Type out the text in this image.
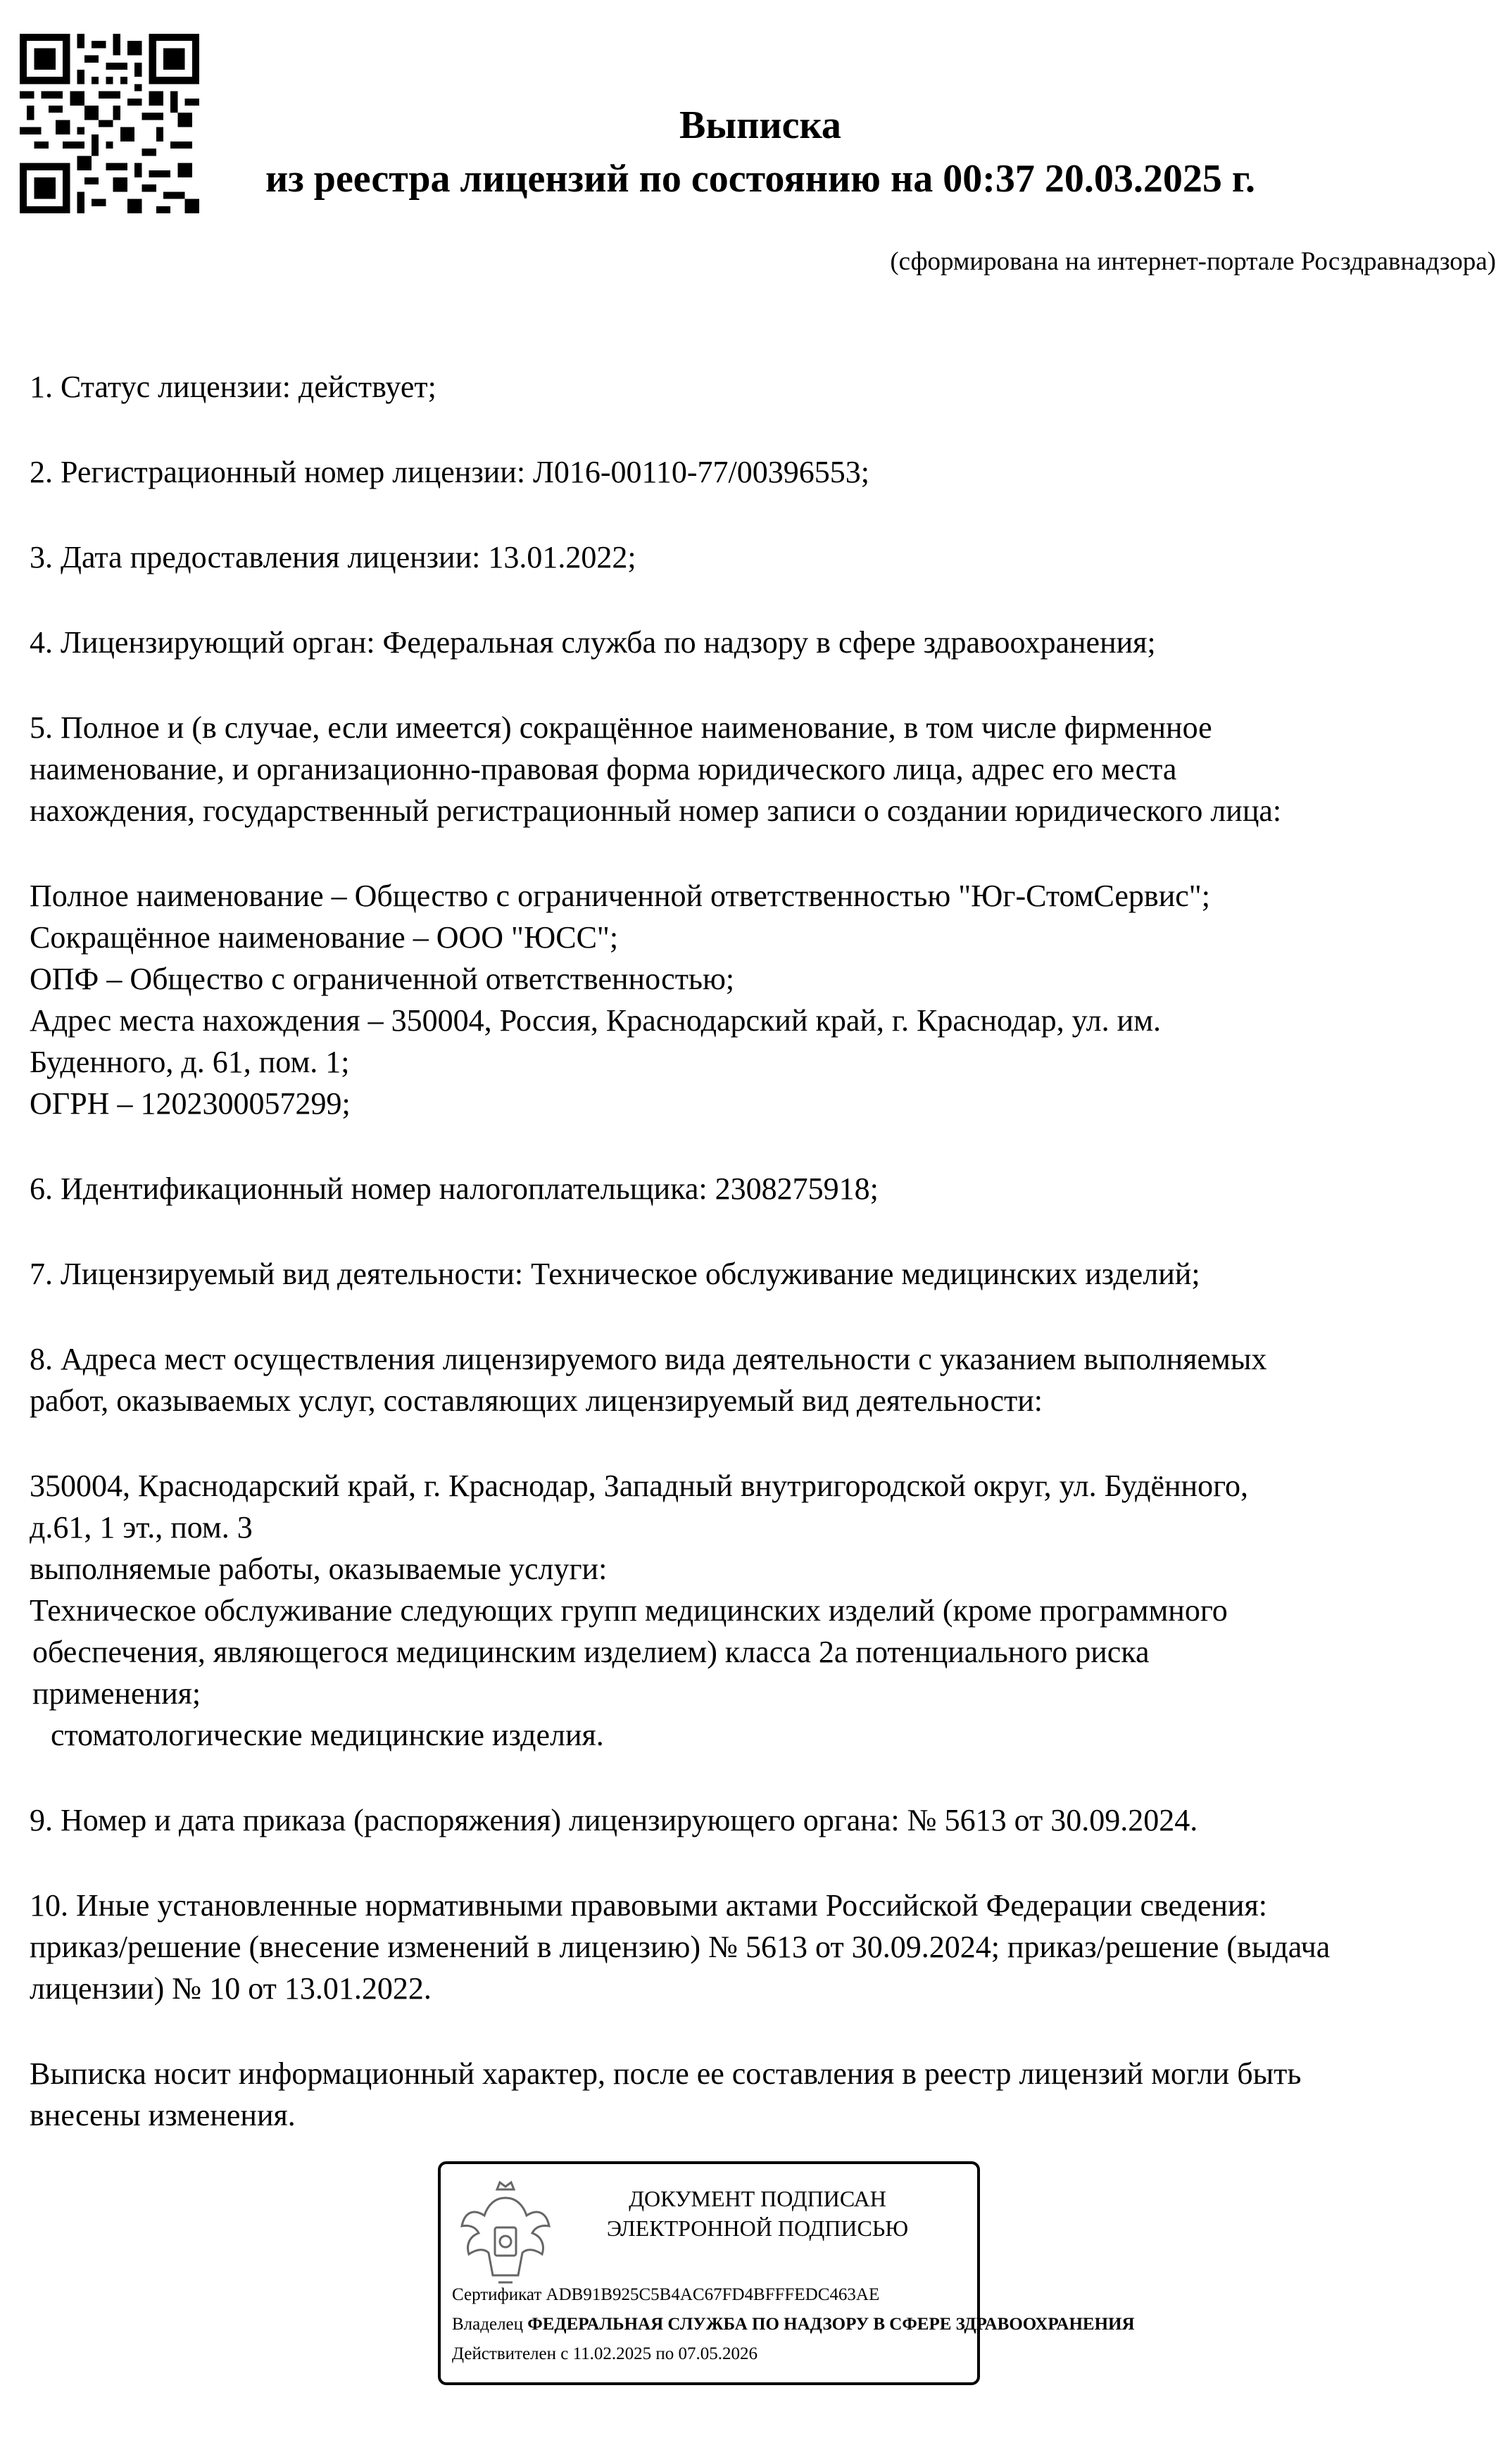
Выписка
из реестра лицензий по состоянию на 00:37 20.03.2025 г.
(сформирована на интернет-портале Росздравнадзора)

1. Статус лицензии: действует;

2. Регистрационный номер лицензии: Л016-00110-77/00396553;

3. Дата предоставления лицензии: 13.01.2022;

4. Лицензирующий орган: Федеральная служба по надзору в сфере здравоохранения;

5. Полное и (в случае, если имеется) сокращённое наименование, в том числе фирменное

наименование, и организационно-правовая форма юридического лица, адрес его места

нахождения, государственный регистрационный номер записи о создании юридического лица:

Полное наименование – Общество с ограниченной ответственностью "Юг-СтомСервис";

Сокращённое наименование – ООО "ЮСС";

ОПФ – Общество с ограниченной ответственностью;

Адрес места нахождения – 350004, Россия, Краснодарский край, г. Краснодар, ул. им.

Буденного, д. 61, пом. 1;

ОГРН – 1202300057299;

6. Идентификационный номер налогоплательщика: 2308275918;

7. Лицензируемый вид деятельности: Техническое обслуживание медицинских изделий;

8. Адреса мест осуществления лицензируемого вида деятельности с указанием выполняемых

работ, оказываемых услуг, составляющих лицензируемый вид деятельности:

350004, Краснодарский край, г. Краснодар, Западный внутригородской округ, ул. Будённого,

д.61, 1 эт., пом. 3

выполняемые работы, оказываемые услуги:

Техническое обслуживание следующих групп медицинских изделий (кроме программного

обеспечения, являющегося медицинским изделием) класса 2а потенциального риска

применения;

стоматологические медицинские изделия.

9. Номер и дата приказа (распоряжения) лицензирующего органа: № 5613 от 30.09.2024.

10. Иные установленные нормативными правовыми актами Российской Федерации сведения:

приказ/решение (внесение изменений в лицензию) № 5613 от 30.09.2024; приказ/решение (выдача

лицензии) № 10 от 13.01.2022.

Выписка носит информационный характер, после ее составления в реестр лицензий могли быть

внесены изменения.

ДОКУМЕНТ ПОДПИСАН
ЭЛЕКТРОННОЙ ПОДПИСЬЮ
Сертификат ADB91B925C5B4AC67FD4BFFFEDC463AE
Владелец ФЕДЕРАЛЬНАЯ СЛУЖБА ПО НАДЗОРУ В СФЕРЕ ЗДРАВООХРАНЕНИЯ
Действителен с 11.02.2025 по 07.05.2026
